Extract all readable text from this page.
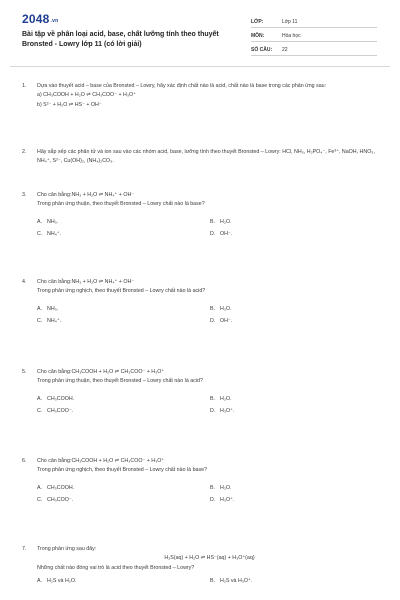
$2048^{.vn}$
Bài tập về phân loại acid, base, chất lưỡng tính theo thuyết Bronsted - Lowry lớp 11 (có lời giải)
LỚP:	Lớp 11
MÔN:	Hóa học
SỐ CÂU:	22
1.	Dựa vào thuyết acid – base của Bronsted – Lowry, hãy xác định chất nào là acid, chất nào là base trong các phản ứng sau:
a) CH₃COOH + H₂O ⇌ CH₃COO⁻ + H₃O⁺
b) S²⁻ + H₂O ⇌ HS⁻ + OH⁻
2.	Hãy sắp xếp các phân tử và ion sau vào các nhóm acid, base, lưỡng tính theo thuyết Bronsted – Lowry: HCl, NH₃, H₂PO₄⁻, Fe³⁺, NaOH, HNO₃, NH₄⁺, S²⁻, Cu(OH)₂, (NH₄)₂CO₃.
3.	Cho cân bằng:NH₃ + H₂O ⇌ NH₄⁺ + OH⁻
Trong phản ứng thuận, theo thuyết Bronsted – Lowry chất nào là base?
A. NH₃.	B. H₂O.
C. NH₄⁺.	D. OH⁻.
4.	Cho cân bằng:NH₃ + H₂O ⇌ NH₄⁺ + OH⁻
Trong phản ứng nghịch, theo thuyết Bronsted – Lowry chất nào là acid?
A. NH₃.	B. H₂O.
C. NH₄⁺.	D. OH⁻.
5.	Cho cân bằng:CH₃COOH + H₂O ⇌ CH₃COO⁻ + H₃O⁺
Trong phản ứng thuận, theo thuyết Bronsted – Lowry chất nào là acid?
A. CH₃COOH.	B. H₂O.
C. CH₃COO⁻.	D. H₃O⁺.
6.	Cho cân bằng:CH₃COOH + H₂O ⇌ CH₃COO⁻ + H₃O⁺
Trong phản ứng nghịch, theo thuyết Bronsted – Lowry chất nào là base?
A. CH₃COOH.	B. H₂O.
C. CH₃COO⁻.	D. H₃O⁺.
7.	Trong phản ứng sau đây:
H₂S(aq) + H₂O ⇌ HS⁻(aq) + H₃O⁺(aq)
Những chất nào đóng vai trò là acid theo thuyết Bronsted – Lowry?
A. H₂S và H₂O.	B. H₂S và H₃O⁺.
